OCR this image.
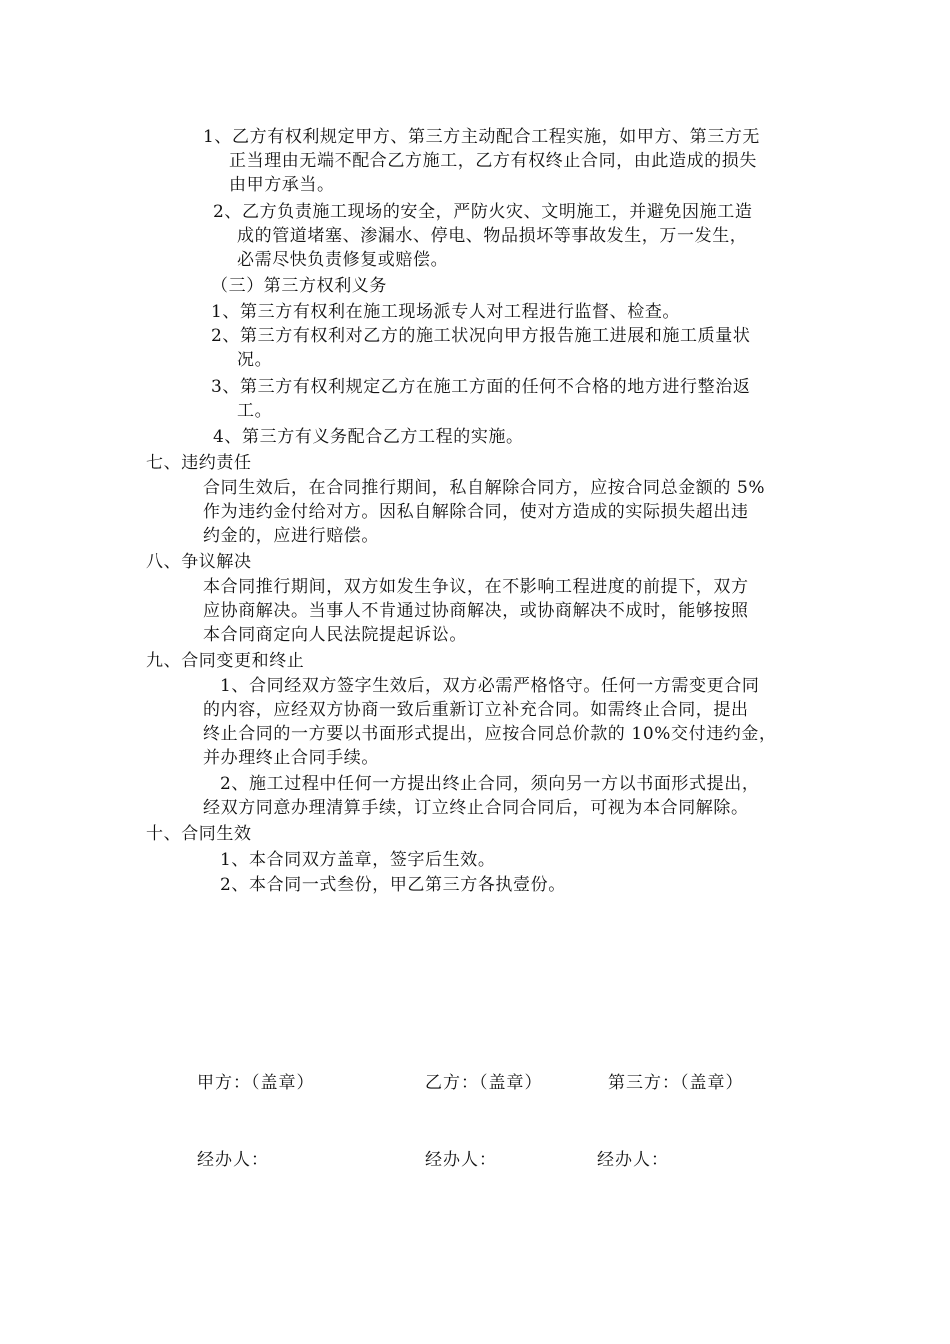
1、乙方有权利规定甲方、第三方主动配合工程实施，如甲方、第三方无
正当理由无端不配合乙方施工，乙方有权终止合同，由此造成的损失
由甲方承当。
2、乙方负责施工现场的安全，严防火灾、文明施工，并避免因施工造
成的管道堵塞、渗漏水、停电、物品损坏等事故发生，万一发生，
必需尽快负责修复或赔偿。
（三）第三方权利义务
1、第三方有权利在施工现场派专人对工程进行监督、检查。
2、第三方有权利对乙方的施工状况向甲方报告施工进展和施工质量状
况。
3、第三方有权利规定乙方在施工方面的任何不合格的地方进行整治返
工。
4、第三方有义务配合乙方工程的实施。
七、违约责任
合同生效后，在合同推行期间，私自解除合同方，应按合同总金额的 5%
作为违约金付给对方。因私自解除合同，使对方造成的实际损失超出违
约金的，应进行赔偿。
八、争议解决
本合同推行期间，双方如发生争议，在不影响工程进度的前提下，双方
应协商解决。当事人不肯通过协商解决，或协商解决不成时，能够按照
本合同商定向人民法院提起诉讼。
九、合同变更和终止
1、合同经双方签字生效后，双方必需严格恪守。任何一方需变更合同
的内容，应经双方协商一致后重新订立补充合同。如需终止合同，提出
终止合同的一方要以书面形式提出，应按合同总价款的 10%交付违约金，
并办理终止合同手续。
2、施工过程中任何一方提出终止合同，须向另一方以书面形式提出，
经双方同意办理清算手续，订立终止合同合同后，可视为本合同解除。
十、合同生效
1、本合同双方盖章，签字后生效。
2、本合同一式叁份，甲乙第三方各执壹份。
甲方：（盖章）	乙方：（盖章）	第三方：（盖章）
经办人：	经办人：	经办人：
